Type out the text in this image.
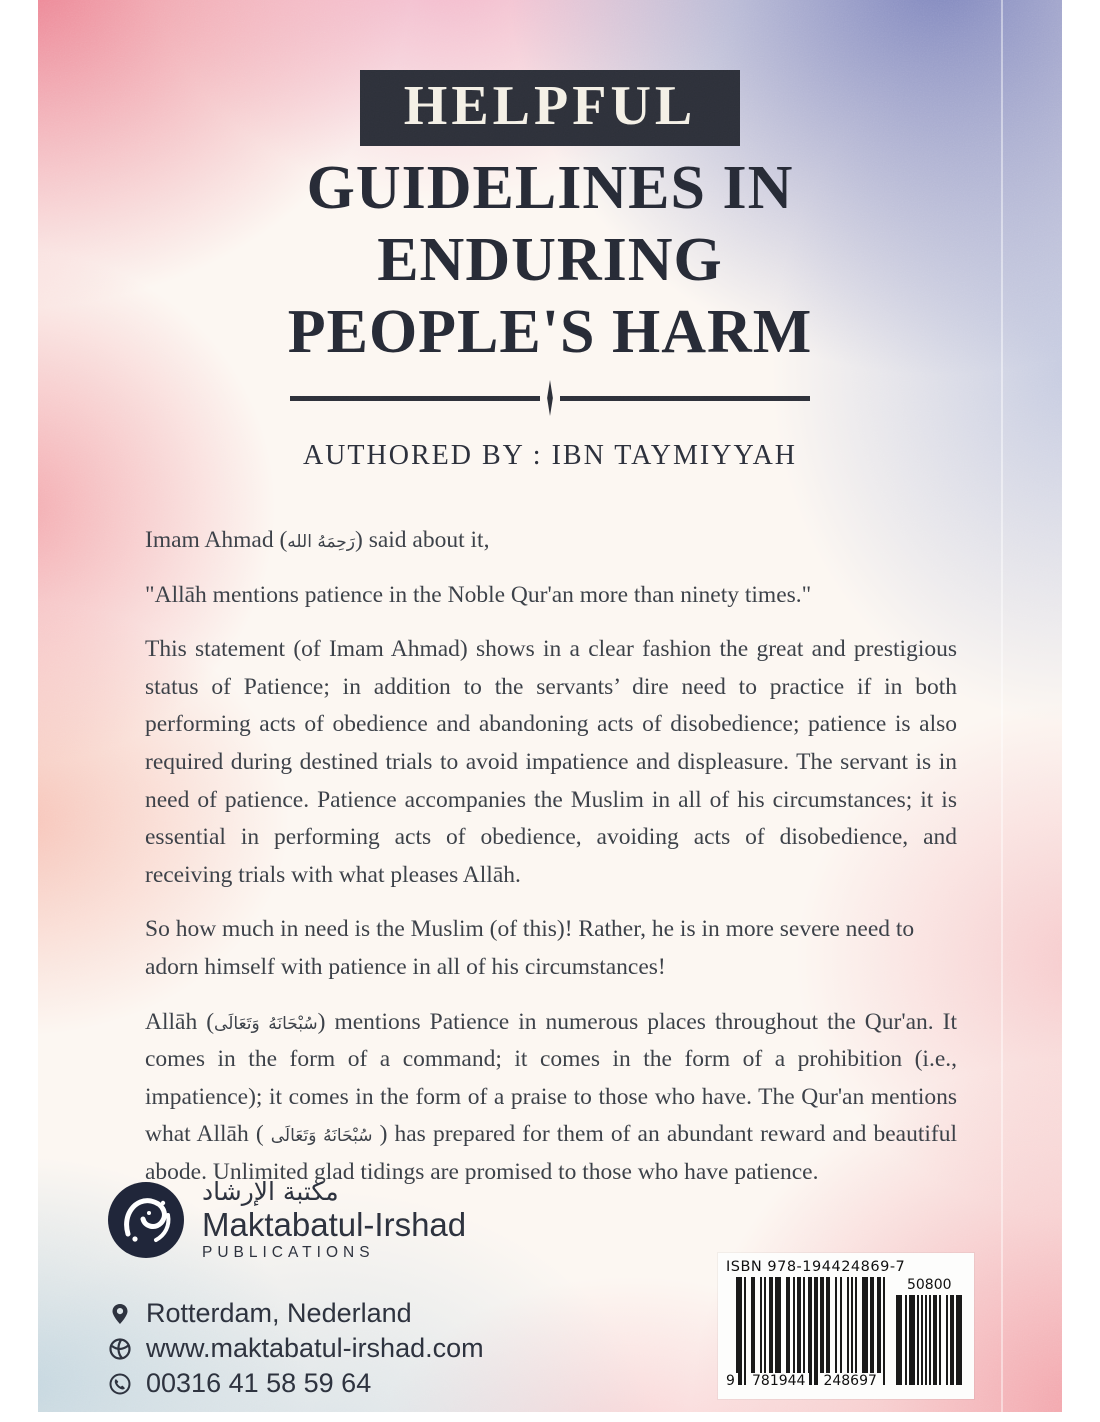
HELPFUL
GUIDELINES IN
ENDURING
PEOPLE'S HARM
AUTHORED BY : IBN TAYMIYYAH

Imam Ahmad (رَحِمَهُ الله) said about it,

"Allāh mentions patience in the Noble Qur'an more than ninety times."

This statement (of Imam Ahmad) shows in a clear fashion the great and prestigious status of Patience; in addition to the servants’ dire need to practice if in both performing acts of obedience and abandoning acts of disobedience; patience is also required during destined trials to avoid impatience and displeasure. The servant is in need of patience. Patience accompanies the Muslim in all of his circumstances; it is essential in performing acts of obedience, avoiding acts of disobedience, and receiving trials with what pleases Allāh.

So how much in need is the Muslim (of this)! Rather, he is in more severe need to adorn himself with patience in all of his circumstances!

Allāh (سُبْحَانَهُ وَتَعَالَى) mentions Patience in numerous places throughout the Qur'an. It comes in the form of a command; it comes in the form of a prohibition (i.e., impatience); it comes in the form of a praise to those who have. The Qur'an mentions what Allāh ( سُبْحَانَهُ وَتَعَالَى ) has prepared for them of an abundant reward and beautiful abode. Unlimited glad tidings are promised to those who have patience.

مكتبة الإرشاد
Maktabatul-Irshad
PUBLICATIONS
Rotterdam, Nederland
www.maktabatul-irshad.com
00316 41 58 59 64
ISBN 978-194424869-7
9 781944 248697
50800
